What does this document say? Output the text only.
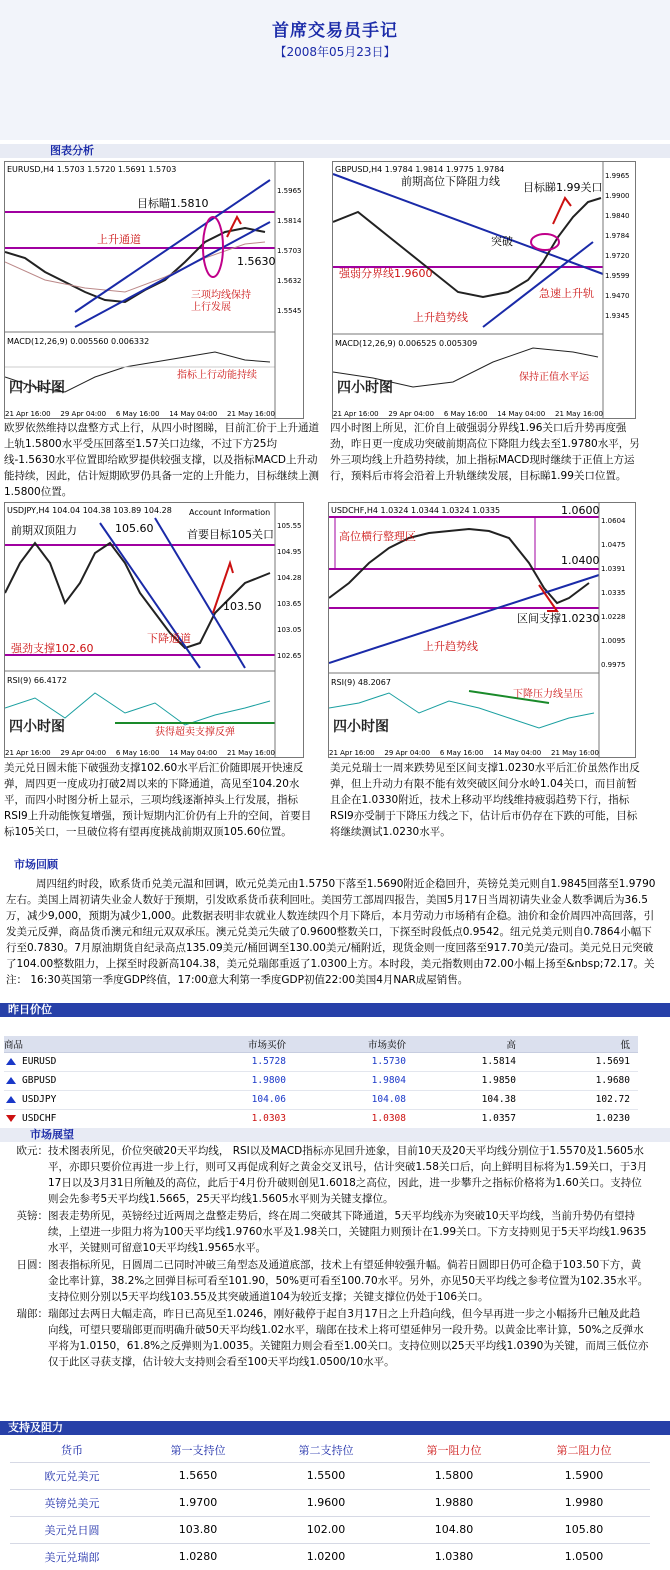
首席交易员手记
【2008年05月23日】
图表分析
EURUSD,H4 1.5703 1.5720 1.5691 1.5703
目标瞄1.5810
上升通道
1.5630
三项均线保持上行发展
MACD(12,26,9) 0.005560 0.006332
指标上行动能持续
四小时图
1.5965
1.5814
1.5703
1.5632
1.5545
21 Apr 16:00 29 Apr 04:00 6 May 16:00 14 May 04:00 21 May 16:00
欧罗依然维持以盘整方式上行，从四小时图睇，目前汇价于上升通道上轨1.5800水平受压回落至1.57关口边缘，不过下方25均线-1.5630水平位置即给欧罗提供较强支撑，以及指标MACD上升动能持续，因此，估计短期欧罗仍具备一定的上升能力，目标继续上测1.5800位置。
GBPUSD,H4 1.9784 1.9814 1.9775 1.9784
前期高位下降阻力线 目标睇1.99关口
突破
强弱分界线1.9600
急速上升轨
上升趋势线
MACD(12,26,9) 0.006525 0.005309
保持正值水平运
四小时图
1.9965
1.9900
1.9840
1.9784
1.9720
1.9599
1.9470
1.9345
21 Apr 16:00 29 Apr 04:00 6 May 16:00 14 May 04:00 21 May 16:00
四小时图上所见，汇价自上破强弱分界线1.96关口后升势再度强劲，昨日更一度成功突破前期高位下降阻力线去至1.9780水平，另外三项均线上升趋势持续，加上指标MACD现时继续于正值上方运行，预料后市将会沿着上升轨继续发展，目标睇1.99关口位置。
USDJPY,H4 104.04 104.38 103.89 104.28 Account Information
前期双顶阻力	105.60	首要目标105关口
103.50
下降通道
强劲支撑102.60
RSI(9) 66.4172
获得超卖支撑反弹
四小时图
105.55
104.95
104.28
103.65
103.05
102.65
21 Apr 16:00 29 Apr 04:00 6 May 16:00 14 May 04:00 21 May 16:00
美元兑日圆未能下破强劲支撑102.60水平后汇价随即展开快速反弹，周四更一度成功打破2周以来的下降通道，高见至104.20水平，而四小时图分析上显示，三项均线逐渐掉头上行发展，指标RSI9上升动能恢复增强，预计短期内汇价仍有上升的空间，首要目标105关口，一旦破位将有望再度挑战前期双顶105.60位置。
USDCHF,H4 1.0324 1.0344 1.0324 1.0335	1.0600
高位横行整理区
1.0400
区间支撑1.0230
上升趋势线
RSI(9) 48.2067
下降压力线呈压
四小时图
1.0604
1.0475
1.0391
1.0335
1.0228
1.0095
0.9975
21 Apr 16:00 29 Apr 04:00 6 May 16:00 14 May 04:00 21 May 16:00
美元兑瑞士一周来跌势见至区间支撑1.0230水平后汇价虽然作出反弹，但上升动力有限不能有效突破区间分水岭1.04关口，而目前暂且企在1.0330附近，技术上移动平均线维持疲弱趋势下行，指标RSI9亦受制于下降压力线之下，估计后市仍存在下跌的可能，目标将继续测试1.0230水平。
市场回顾
周四纽约时段，欧系货币兑美元温和回调，欧元兑美元由1.5750下落至1.5690附近企稳回升，英镑兑美元则自1.9845回落至1.9790左右。美国上周初请失业金人数好于预期，引发欧系货币获利回吐。美国劳工部周四报告，美国5月17日当周初请失业金人数季调后为36.5万，减少9,000，预期为减少1,000。此数据表明非农就业人数连续四个月下降后，本月劳动力市场稍有企稳。油价和金价周四冲高回落，引发美元反弹，商品货币澳元和纽元双双承压。澳元兑美元失破了0.9600整数关口，下探至时段低点0.9542。纽元兑美元则自0.7864小幅下行至0.7830。7月原油期货自纪录高点135.09美元/桶回调至130.00美元/桶附近，现货金则一度回落至917.70美元/盎司。美元兑日元突破了104.00整数阻力，上探至时段新高104.38，美元兑瑞郎重返了1.0300上方。本时段，美元指数则由72.00小幅上扬至&nbsp;72.17。关注： 16:30英国第一季度GDP终值，17:00意大利第一季度GDP初值22:00美国4月NAR成屋销售。
昨日价位
商品	市场买价	市场卖价	高	低
EURUSD	1.5728	1.5730	1.5814	1.5691
GBPUSD	1.9800	1.9804	1.9850	1.9680
USDJPY	104.06	104.08	104.38	102.72
USDCHF	1.0303	1.0308	1.0357	1.0230
市场展望
欧元： 技术图表所见，价位突破20天平均线， RSI以及MACD指标亦见回升迹象，目前10天及20天平均线分别位于1.5570及1.5605水平，亦即只要价位再进一步上行，则可又再促成利好之黄金交叉讯号，估计突破1.58关口后，向上鲜明目标将为1.59关口，于3月17日以及3月31日所触及的高位，此后于4月份升破则创见1.6018之高位，因此，进一步攀升之指标价格将为1.60关口。支持位则会先参考5天平均线1.5665，25天平均线1.5605水平则为关键支撑位。
英镑： 图表走势所见，英镑经过近两周之盘整走势后，终在周二突破其下降通道，5天平均线亦为突破10天平均线，当前升势仍有望持续，上望进一步阻力将为100天平均线1.9760水平及1.98关口，关键阻力则预计在1.99关口。下方支持则见于5天平均线1.9635水平，关键则可留意10天平均线1.9565水平。
日圆： 图表指标所见，日圆周二已同时冲破三角型态及通道底部，技术上有望延伸较强升幅。倘若日圆即日仍可企稳于103.50下方，黄金比率计算，38.2%之回弹目标可看至101.90，50%更可看至100.70水平。另外，亦见50天平均线之参考位置为102.35水平。支持位则分别以5天平均线103.55及其突破通道104为较近支撑；关键支撑位仍处于106关口。
瑞郎： 瑞郎过去两日大幅走高，昨日已高见至1.0246，刚好截停于起自3月17日之上升趋向线，但今早再进一步之小幅扬升已触及此趋向线，可望只要瑞郎更而明确升破50天平均线1.02水平，瑞郎在技术上将可望延伸另一段升势。以黄金比率计算，50%之反弹水平将为1.0150，61.8%之反弹则为1.0035。关键阻力则会看至1.00关口。支持位则以25天平均线1.0390为关键，而周三低位亦仅于此区寻获支撑，估计较大支持则会看至100天平均线1.0500/10水平。
支持及阻力
货币	第一支持位	第二支持位	第一阻力位	第二阻力位
欧元兑美元	1.5650	1.5500	1.5800	1.5900
英镑兑美元	1.9700	1.9600	1.9880	1.9980
美元兑日圆	103.80	102.00	104.80	105.80
美元兑瑞郎	1.0280	1.0200	1.0380	1.0500
